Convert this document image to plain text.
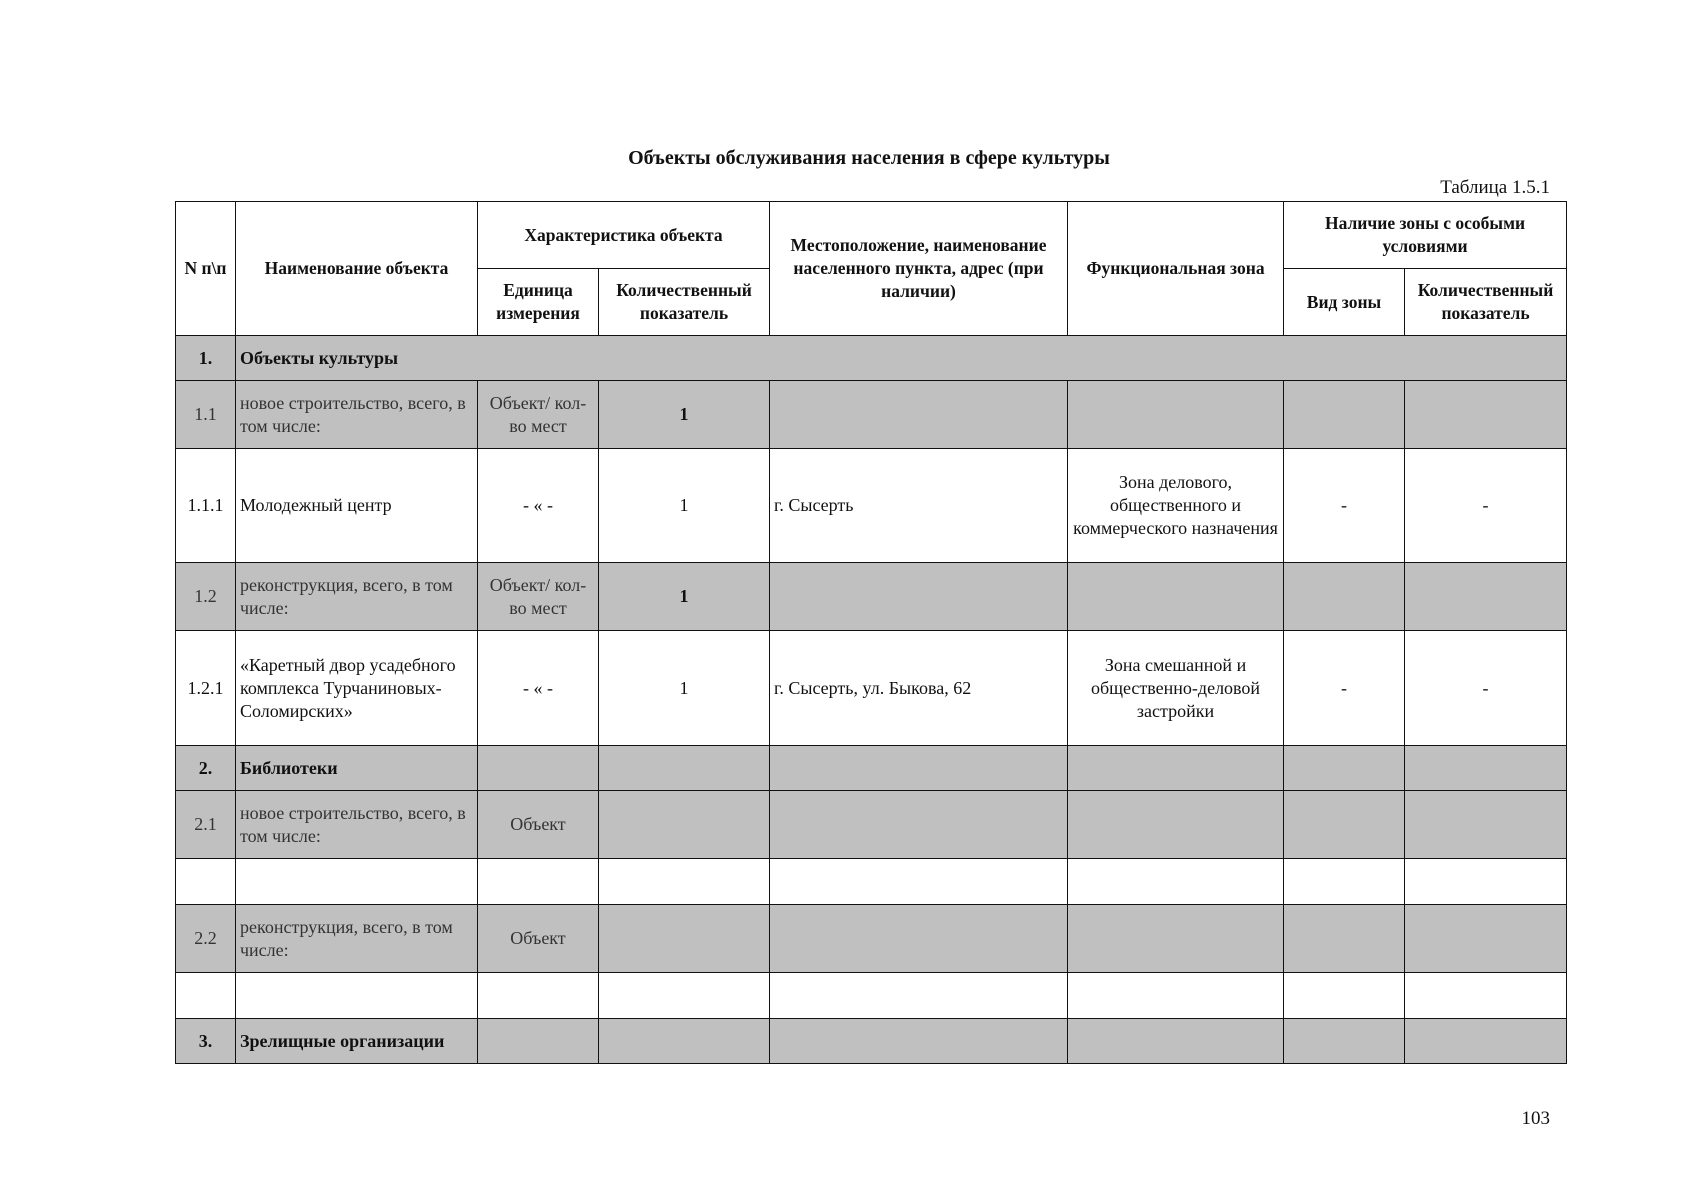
Объекты обслуживания населения в сфере культуры
Таблица 1.5.1
N п\п	Наименование объекта	Характеристика объекта		Местоположение, наименование населенного пункта, адрес (при наличии)	Функциональная зона	Наличие зоны с особыми условиями	
		Единица измерения	Количественный показатель			Вид зоны	Количественный показатель
1.	Объекты культуры						
1.1	новое строительство, всего, в том числе:	Объект/ кол-во мест	1				
1.1.1	Молодежный центр	- « -	1	г. Сысерть	Зона делового, общественного и коммерческого назначения	-	-
1.2	реконструкция, всего, в том числе:	Объект/ кол-во мест	1				
1.2.1	«Каретный двор усадебного комплекса Турчаниновых-Соломирских»	- « -	1	г. Сысерть, ул. Быкова, 62	Зона смешанной и общественно-деловой застройки	-	-
2.	Библиотеки						
2.1	новое строительство, всего, в том числе:	Объект					

2.2	реконструкция, всего, в том числе:	Объект					

3.	Зрелищные организации						
103
